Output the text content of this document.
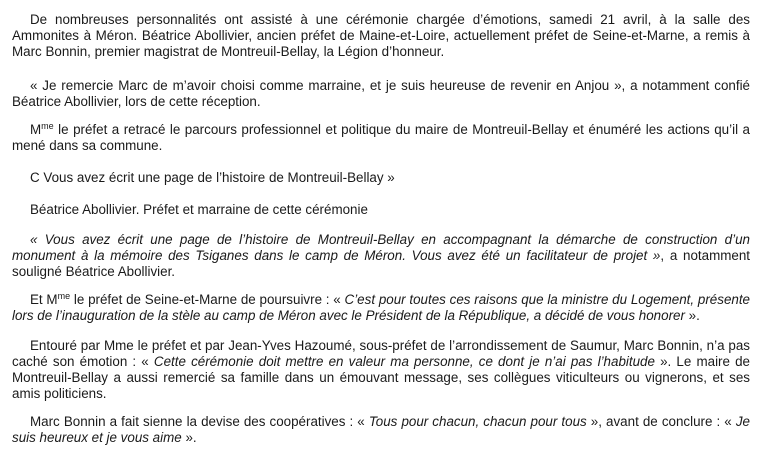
De nombreuses personnalités ont assisté à une cérémonie chargée d’émotions, samedi 21 avril, à la salle des Ammonites à Méron. Béatrice Abollivier, ancien préfet de Maine-et-Loire, actuellement préfet de Seine-et-Marne, a remis à Marc Bonnin, premier magistrat de Montreuil-Bellay, la Légion d’honneur.

« Je remercie Marc de m’avoir choisi comme marraine, et je suis heureuse de revenir en Anjou », a notamment confié Béatrice Abollivier, lors de cette réception.

$M^{me}$ le préfet a retracé le parcours professionnel et politique du maire de Montreuil-Bellay et énuméré les actions qu’il a mené dans sa commune.

C Vous avez écrit une page de l’histoire de Montreuil-Bellay »

Béatrice Abollivier. Préfet et marraine de cette cérémonie

« Vous avez écrit une page de l’histoire de Montreuil-Bellay en accompagnant la démarche de construction d’un monument à la mémoire des Tsiganes dans le camp de Méron. Vous avez été un facilitateur de projet », a notamment souligné Béatrice Abollivier.

Et $M^{me}$ le préfet de Seine-et-Marne de poursuivre : « C’est pour toutes ces raisons que la ministre du Logement, présente lors de l’inauguration de la stèle au camp de Méron avec le Président de la République, a décidé de vous honorer ».

Entouré par Mme le préfet et par Jean-Yves Hazoumé, sous-préfet de l’arrondissement de Saumur, Marc Bonnin, n’a pas caché son émotion : « Cette cérémonie doit mettre en valeur ma personne, ce dont je n’ai pas l’habitude ». Le maire de Montreuil-Bellay a aussi remercié sa famille dans un émouvant message, ses collègues viticulteurs ou vignerons, et ses amis politiciens.

Marc Bonnin a fait sienne la devise des coopératives : « Tous pour chacun, chacun pour tous », avant de conclure : « Je suis heureux et je vous aime ».
